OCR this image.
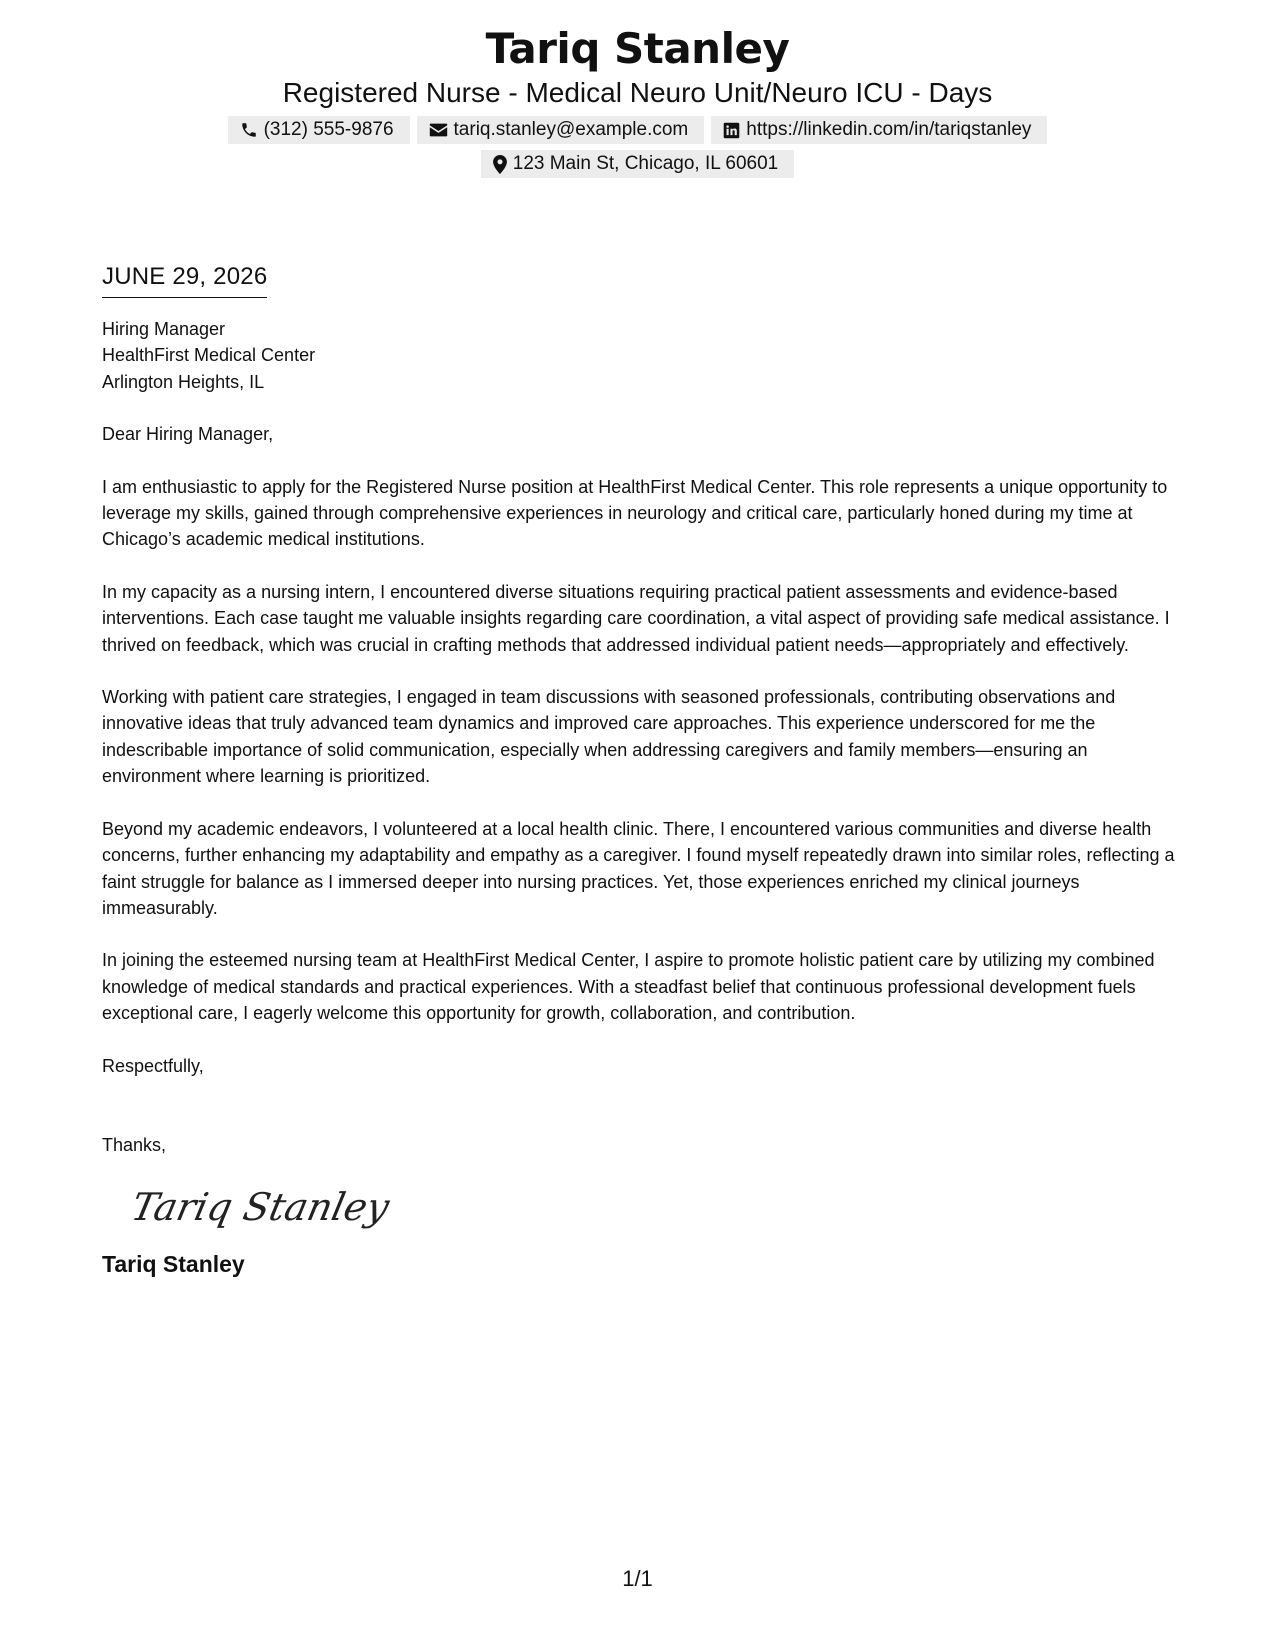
Tariq Stanley
Registered Nurse - Medical Neuro Unit/Neuro ICU - Days
(312) 555-9876	tariq.stanley@example.com	https://linkedin.com/in/tariqstanley
123 Main St, Chicago, IL 60601
JUNE 29, 2026
Hiring Manager
HealthFirst Medical Center
Arlington Heights, IL
Dear Hiring Manager,

I am enthusiastic to apply for the Registered Nurse position at HealthFirst Medical Center. This role represents a unique opportunity to leverage my skills, gained through comprehensive experiences in neurology and critical care, particularly honed during my time at Chicago’s academic medical institutions.

In my capacity as a nursing intern, I encountered diverse situations requiring practical patient assessments and evidence-based interventions. Each case taught me valuable insights regarding care coordination, a vital aspect of providing safe medical assistance. I thrived on feedback, which was crucial in crafting methods that addressed individual patient needs—appropriately and effectively.

Working with patient care strategies, I engaged in team discussions with seasoned professionals, contributing observations and innovative ideas that truly advanced team dynamics and improved care approaches. This experience underscored for me the indescribable importance of solid communication, especially when addressing caregivers and family members—ensuring an environment where learning is prioritized.

Beyond my academic endeavors, I volunteered at a local health clinic. There, I encountered various communities and diverse health concerns, further enhancing my adaptability and empathy as a caregiver. I found myself repeatedly drawn into similar roles, reflecting a faint struggle for balance as I immersed deeper into nursing practices. Yet, those experiences enriched my clinical journeys immeasurably.

In joining the esteemed nursing team at HealthFirst Medical Center, I aspire to promote holistic patient care by utilizing my combined knowledge of medical standards and practical experiences. With a steadfast belief that continuous professional development fuels exceptional care, I eagerly welcome this opportunity for growth, collaboration, and contribution.

Respectfully,
Thanks,
Tariq Stanley
Tariq Stanley
1/1
